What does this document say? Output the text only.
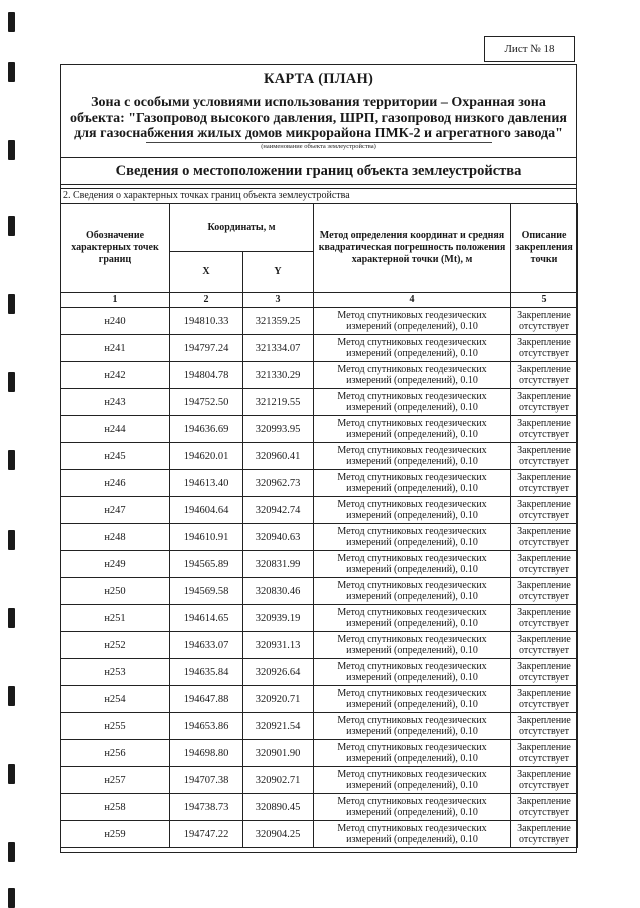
Лист № 18
КАРТА (ПЛАН)
Зона с особыми условиями использования территории – Охранная зона объекта: "Газопровод высокого давления, ШРП, газопровод низкого давления для газоснабжения жилых домов микрорайона ПМК-2 и агрегатного завода"
(наименование объекта землеустройства)
Сведения о местоположении границ объекта землеустройства
2. Сведения о характерных точках границ объекта землеустройства
Обозначение характерных точек границ	Координаты, м		Метод определения координат и средняя квадратическая погрешность положения характерной точки (Mt), м	Описание закрепления точки
	X	Y		
1	2	3	4	5
н240	194810.33	321359.25	Метод спутниковых геодезических измерений (определений), 0.10	Закрепление отсутствует
н241	194797.24	321334.07	Метод спутниковых геодезических измерений (определений), 0.10	Закрепление отсутствует
н242	194804.78	321330.29	Метод спутниковых геодезических измерений (определений), 0.10	Закрепление отсутствует
н243	194752.50	321219.55	Метод спутниковых геодезических измерений (определений), 0.10	Закрепление отсутствует
н244	194636.69	320993.95	Метод спутниковых геодезических измерений (определений), 0.10	Закрепление отсутствует
н245	194620.01	320960.41	Метод спутниковых геодезических измерений (определений), 0.10	Закрепление отсутствует
н246	194613.40	320962.73	Метод спутниковых геодезических измерений (определений), 0.10	Закрепление отсутствует
н247	194604.64	320942.74	Метод спутниковых геодезических измерений (определений), 0.10	Закрепление отсутствует
н248	194610.91	320940.63	Метод спутниковых геодезических измерений (определений), 0.10	Закрепление отсутствует
н249	194565.89	320831.99	Метод спутниковых геодезических измерений (определений), 0.10	Закрепление отсутствует
н250	194569.58	320830.46	Метод спутниковых геодезических измерений (определений), 0.10	Закрепление отсутствует
н251	194614.65	320939.19	Метод спутниковых геодезических измерений (определений), 0.10	Закрепление отсутствует
н252	194633.07	320931.13	Метод спутниковых геодезических измерений (определений), 0.10	Закрепление отсутствует
н253	194635.84	320926.64	Метод спутниковых геодезических измерений (определений), 0.10	Закрепление отсутствует
н254	194647.88	320920.71	Метод спутниковых геодезических измерений (определений), 0.10	Закрепление отсутствует
н255	194653.86	320921.54	Метод спутниковых геодезических измерений (определений), 0.10	Закрепление отсутствует
н256	194698.80	320901.90	Метод спутниковых геодезических измерений (определений), 0.10	Закрепление отсутствует
н257	194707.38	320902.71	Метод спутниковых геодезических измерений (определений), 0.10	Закрепление отсутствует
н258	194738.73	320890.45	Метод спутниковых геодезических измерений (определений), 0.10	Закрепление отсутствует
н259	194747.22	320904.25	Метод спутниковых геодезических измерений (определений), 0.10	Закрепление отсутствует
